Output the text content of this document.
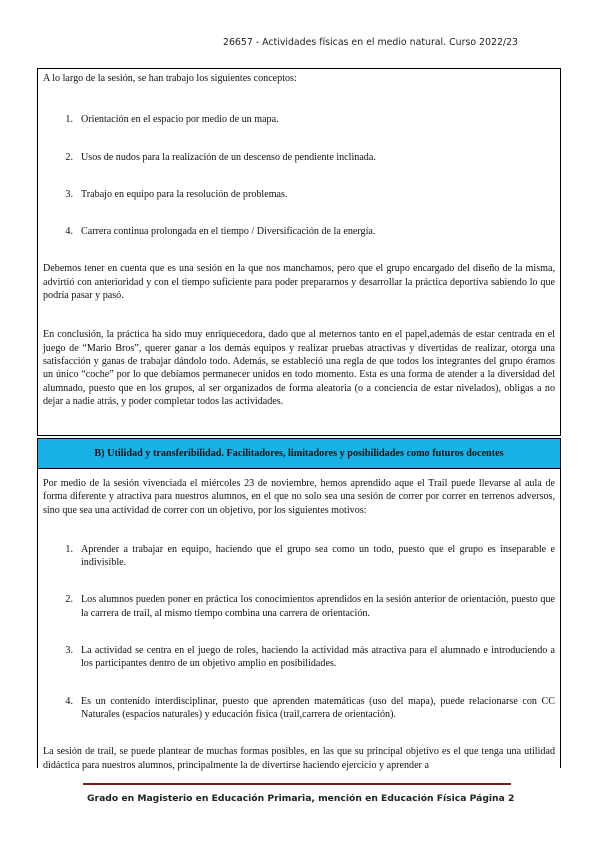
26657 - Actividades físicas en el medio natural. Curso 2022/23

A lo largo de la sesión, se han trabajo los siguientes conceptos:

1. Orientación en el espacio por medio de un mapa.
2. Usos de nudos para la realización de un descenso de pendiente inclinada.
3. Trabajo en equipo para la resolución de problemas.
4. Carrera continua prolongada en el tiempo / Diversificación de la energía.

Debemos tener en cuenta que es una sesión en la que nos manchamos, pero que el grupo encargado del diseño de la misma, advirtió con anterioridad y con el tiempo suficiente para poder prepararnos y desarrollar la práctica deportiva sabiendo lo que podría pasar y pasó.

En conclusión, la práctica ha sido muy enriquecedora, dado que al meternos tanto en el papel,además de estar centrada en el juego de “Mario Bros”, querer ganar a los demás equipos y realizar pruebas atractivas y divertidas de realizar, otorga una satisfacción y ganas de trabajar dándolo todo. Además, se estableció una regla de que todos los integrantes del grupo éramos un único “coche” por lo que debíamos permanecer unidos en todo momento. Esta es una forma de atender a la diversidad del alumnado, puesto que en los grupos, al ser organizados de forma aleatoria (o a conciencia de estar nivelados), obligas a no dejar a nadie atrás, y poder completar todos las actividades.

B) Utilidad y transferibilidad. Facilitadores, limitadores y posibilidades como futuros docentes

Por medio de la sesión vivenciada el miércoles 23 de noviembre, hemos aprendido aque el Trail puede llevarse al aula de forma diferente y atractiva para nuestros alumnos, en el que no solo sea una sesión de correr por correr en terrenos adversos, sino que sea una actividad de correr con un objetivo, por los siguientes motivos:

1. Aprender a trabajar en equipo, haciendo que el grupo sea como un todo, puesto que el grupo es inseparable e indivisible.
2. Los alumnos pueden poner en práctica los conocimientos aprendidos en la sesión anterior de orientación, puesto que la carrera de trail, al mismo tiempo combina una carrera de orientación.
3. La actividad se centra en el juego de roles, haciendo la actividad más atractiva para el alumnado e introduciendo a los participantes dentro de un objetivo amplio en posibilidades.
4. Es un contenido interdisciplinar, puesto que aprenden matemáticas (uso del mapa), puede relacionarse con CC Naturales (espacios naturales) y educación física (trail,carrera de orientación).

La sesión de trail, se puede plantear de muchas formas posibles, en las que su principal objetivo es el que tenga una utilidad didáctica para nuestros alumnos, principalmente la de divertirse haciendo ejercicio y aprender a

Grado en Magisterio en Educación Primaria, mención en Educación Física Página 2
